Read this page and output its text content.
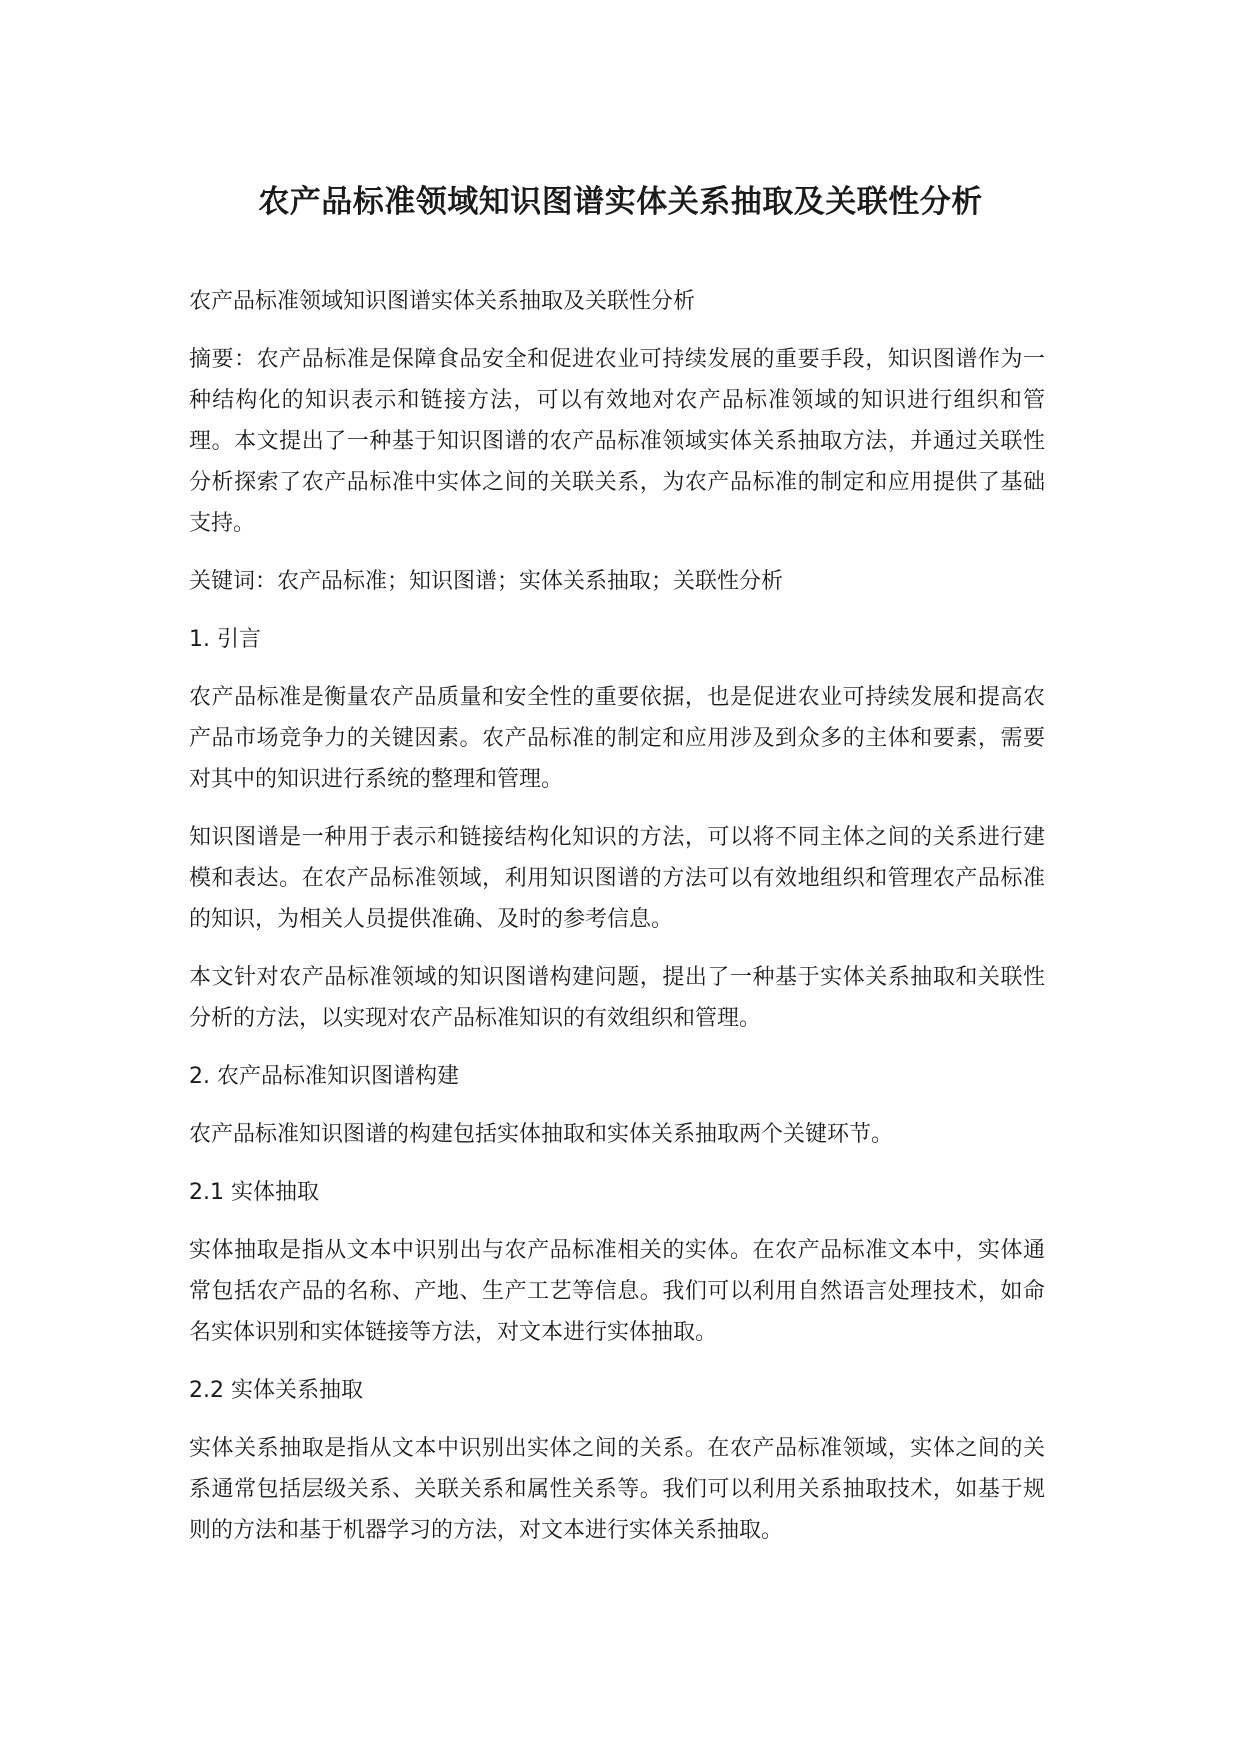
农产品标准领域知识图谱实体关系抽取及关联性分析

农产品标准领域知识图谱实体关系抽取及关联性分析

摘要：农产品标准是保障食品安全和促进农业可持续发展的重要手段，知识图谱作为一种结构化的知识表示和链接方法，可以有效地对农产品标准领域的知识进行组织和管理。本文提出了一种基于知识图谱的农产品标准领域实体关系抽取方法，并通过关联性分析探索了农产品标准中实体之间的关联关系，为农产品标准的制定和应用提供了基础支持。

关键词：农产品标准；知识图谱；实体关系抽取；关联性分析

1. 引言

农产品标准是衡量农产品质量和安全性的重要依据，也是促进农业可持续发展和提高农产品市场竞争力的关键因素。农产品标准的制定和应用涉及到众多的主体和要素，需要对其中的知识进行系统的整理和管理。

知识图谱是一种用于表示和链接结构化知识的方法，可以将不同主体之间的关系进行建模和表达。在农产品标准领域，利用知识图谱的方法可以有效地组织和管理农产品标准的知识，为相关人员提供准确、及时的参考信息。

本文针对农产品标准领域的知识图谱构建问题，提出了一种基于实体关系抽取和关联性分析的方法，以实现对农产品标准知识的有效组织和管理。

2. 农产品标准知识图谱构建

农产品标准知识图谱的构建包括实体抽取和实体关系抽取两个关键环节。

2.1 实体抽取

实体抽取是指从文本中识别出与农产品标准相关的实体。在农产品标准文本中，实体通常包括农产品的名称、产地、生产工艺等信息。我们可以利用自然语言处理技术，如命名实体识别和实体链接等方法，对文本进行实体抽取。

2.2 实体关系抽取

实体关系抽取是指从文本中识别出实体之间的关系。在农产品标准领域，实体之间的关系通常包括层级关系、关联关系和属性关系等。我们可以利用关系抽取技术，如基于规则的方法和基于机器学习的方法，对文本进行实体关系抽取。
